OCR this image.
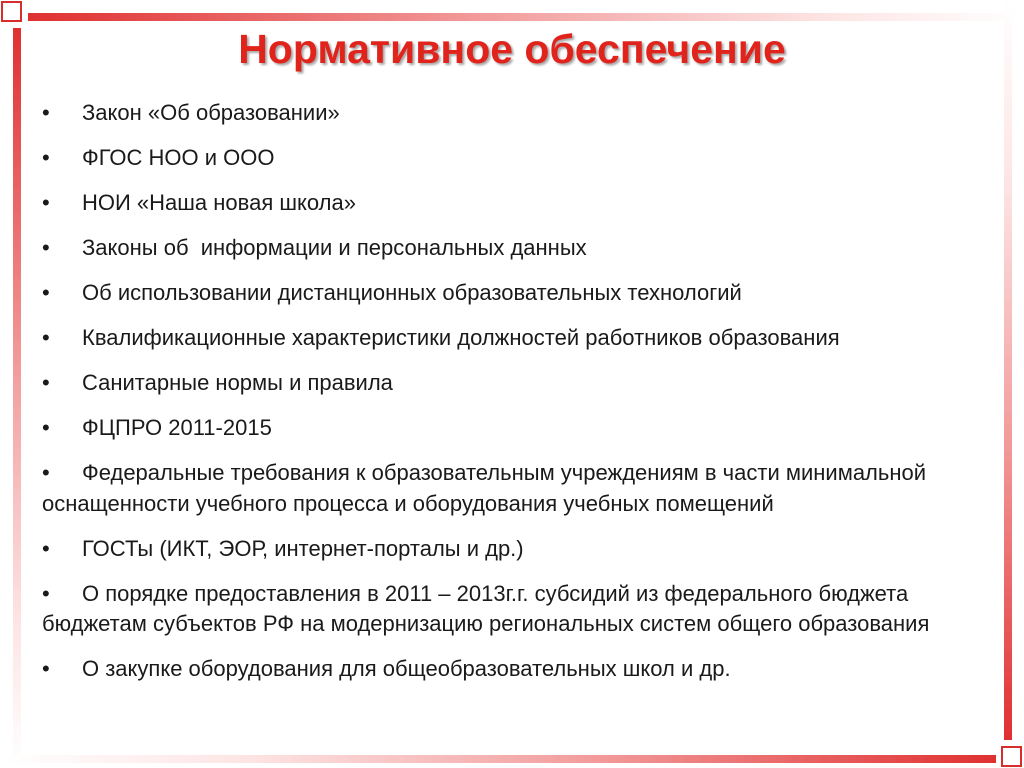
Нормативное обеспечение
• Закон «Об образовании»
• ФГОС НОО и ООО
• НОИ «Наша новая школа»
• Законы об  информации и персональных данных
• Об использовании дистанционных образовательных технологий
• Квалификационные характеристики должностей работников образования
• Санитарные нормы и правила
• ФЦПРО 2011-2015
• Федеральные требования к образовательным учреждениям в части минимальной оснащенности учебного процесса и оборудования учебных помещений
• ГОСТы (ИКТ, ЭОР, интернет-порталы и др.)
• О порядке предоставления в 2011 – 2013г.г. субсидий из федерального бюджета бюджетам субъектов РФ на модернизацию региональных систем общего образования
• О закупке оборудования для общеобразовательных школ и др.
